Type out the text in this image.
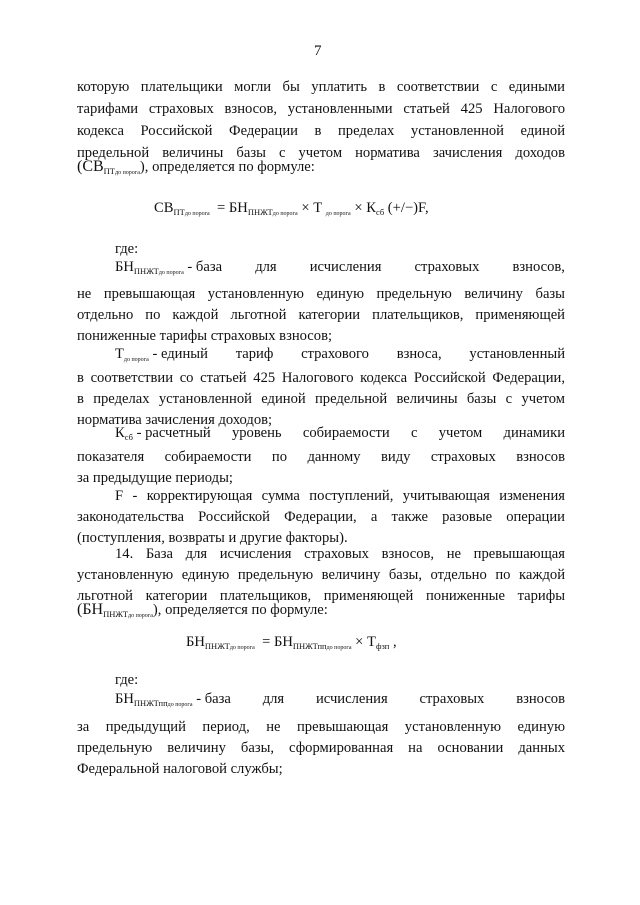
7
которую плательщики могли бы уплатить в соответствии с едиными
тарифами страховых взносов, установленными статьей 425 Налогового
кодекса Российской Федерации в пределах установленной единой
предельной величины базы с учетом норматива зачисления доходов
$(СВ_{ПТдо порога})$, определяется по формуле:
$СВ_{ПТдо порога} = БН_{ПНЖТдо порога} \times Т$ $_{до порога} \times К_{сб}$ (+/−)F,
где:
$БН_{ПНЖТдо порога}$ - база для исчисления страховых взносов,
не превышающая установленную единую предельную величину базы
отдельно по каждой льготной категории плательщиков, применяющей
пониженные тарифы страховых взносов;
$Т_{до порога}$ - единый тариф страхового взноса, установленный
в соответствии со статьей 425 Налогового кодекса Российской Федерации,
в пределах установленной единой предельной величины базы с учетом
норматива зачисления доходов;
$К_{сб}$ - расчетный уровень собираемости с учетом динамики
показателя собираемости по данному виду страховых взносов
за предыдущие периоды;
F - корректирующая сумма поступлений, учитывающая изменения
законодательства Российской Федерации, а также разовые операции
(поступления, возвраты и другие факторы).
14. База для исчисления страховых взносов, не превышающая
установленную единую предельную величину базы, отдельно по каждой
льготной категории плательщиков, применяющей пониженные тарифы
$(БН_{ПНЖТдо порога})$, определяется по формуле:
$БН_{ПНЖТдо порога} = БН_{ПНЖТппдо порога} \times Т_{фзп}$ ,
где:
$БН_{ПНЖТппдо порога}$ - база для исчисления страховых взносов
за предыдущий период, не превышающая установленную единую
предельную величину базы, сформированная на основании данных
Федеральной налоговой службы;
